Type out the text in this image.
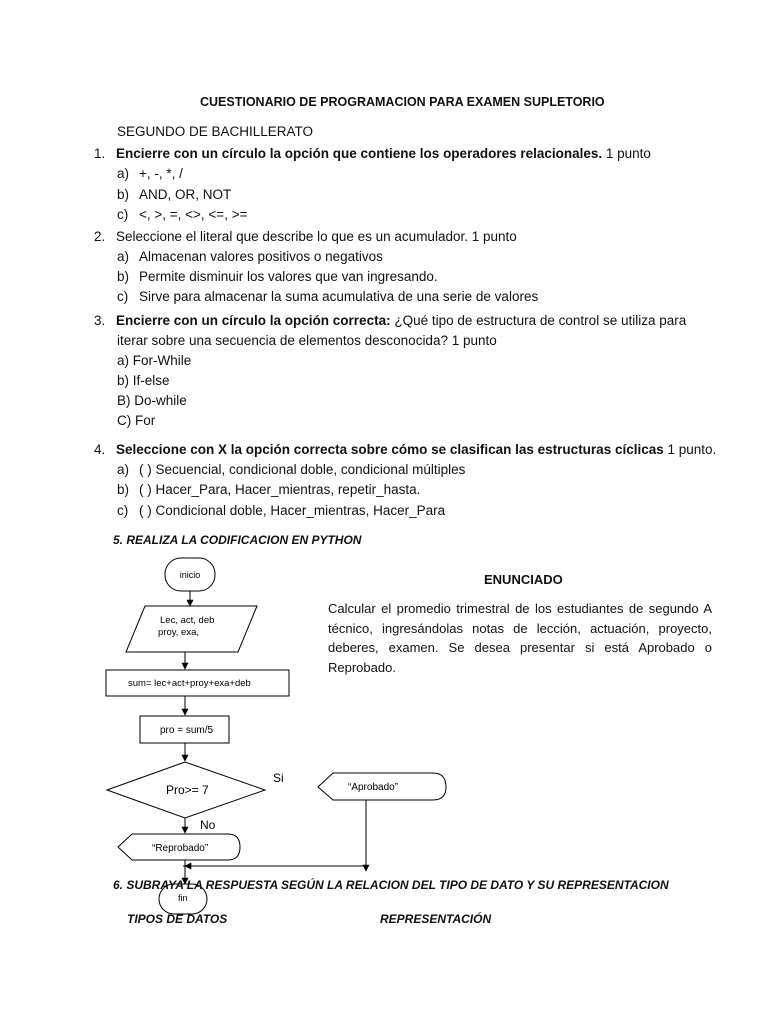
CUESTIONARIO DE PROGRAMACION PARA EXAMEN SUPLETORIO
SEGUNDO DE BACHILLERATO
1. Encierre con un círculo la opción que contiene los operadores relacionales. 1 punto
a) +, -, *, /
b) AND, OR, NOT
c) <, >, =, <>, <=, >=
2. Seleccione el literal que describe lo que es un acumulador. 1 punto
a) Almacenan valores positivos o negativos
b) Permite disminuir los valores que van ingresando.
c) Sirve para almacenar la suma acumulativa de una serie de valores
3. Encierre con un círculo la opción correcta: ¿Qué tipo de estructura de control se utiliza para
iterar sobre una secuencia de elementos desconocida? 1 punto
a) For-While
b) If-else
B) Do-while
C) For
4. Seleccione con X la opción correcta sobre cómo se clasifican las estructuras cíclicas 1 punto.
a) ( ) Secuencial, condicional doble, condicional múltiples
b) ( ) Hacer_Para, Hacer_mientras, repetir_hasta.
c) ( ) Condicional doble, Hacer_mientras, Hacer_Para
5. REALIZA LA CODIFICACION EN PYTHON
ENUNCIADO
Calcular el promedio trimestral de los estudiantes de segundo A técnico, ingresándolas notas de lección, actuación, proyecto, deberes, examen. Se desea presentar si está Aprobado o Reprobado.
inicio
Lec, act, deb
proy, exa,
sum= lec+act+proy+exa+deb
pro = sum/5
Pro>= 7
Si
No
“Reprobado”
“Aprobado”
fin
6. SUBRAYA LA RESPUESTA SEGÚN LA RELACION DEL TIPO DE DATO Y SU REPRESENTACION
TIPOS DE DATOS	REPRESENTACIÓN
